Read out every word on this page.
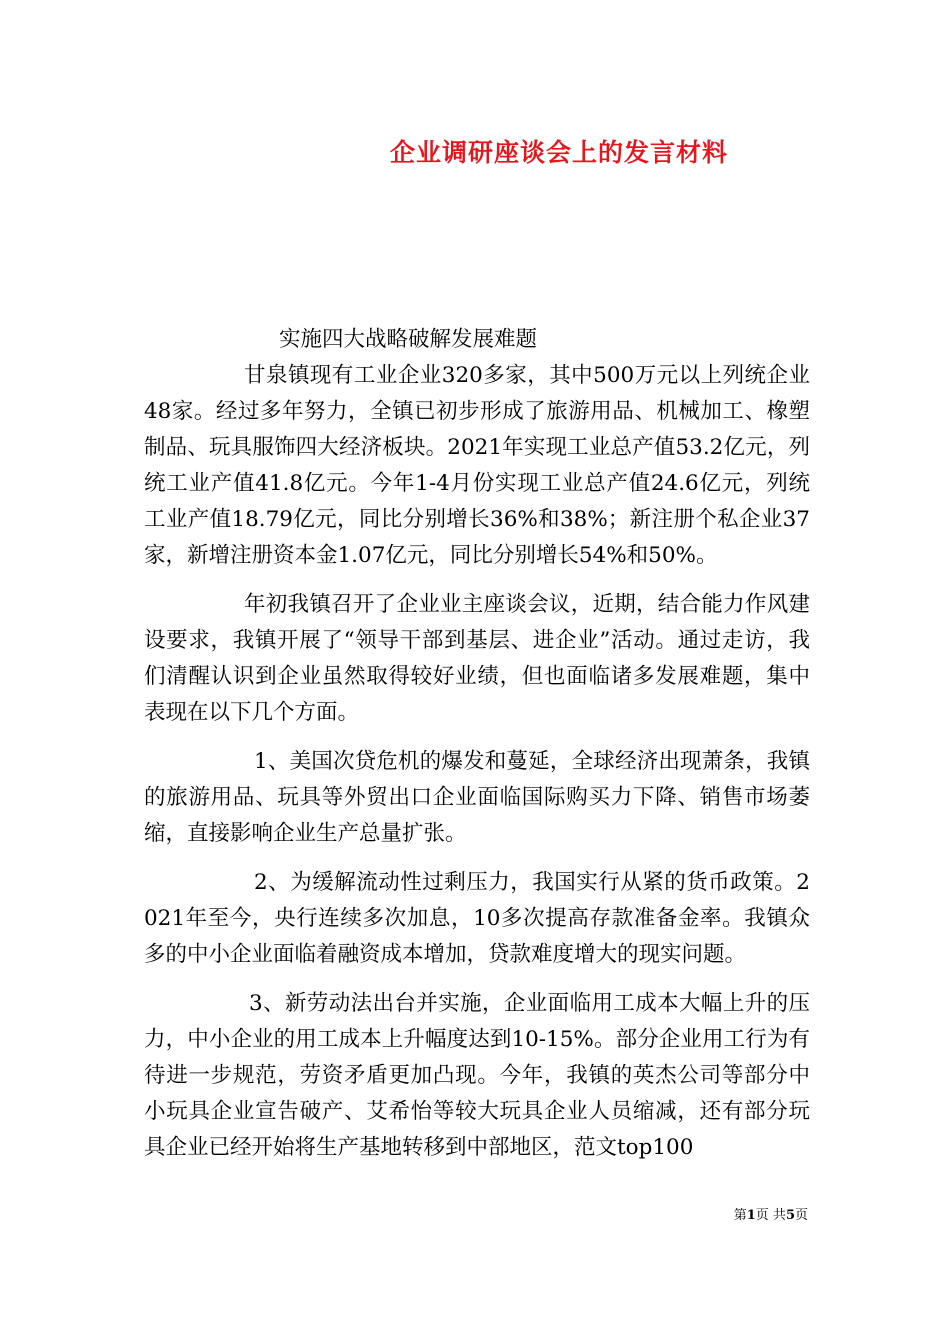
企业调研座谈会上的发言材料

实施四大战略破解发展难题

甘泉镇现有工业企业320多家，其中500万元以上列统企业48家。经过多年努力，全镇已初步形成了旅游用品、机械加工、橡塑制品、玩具服饰四大经济板块。2021年实现工业总产值53.2亿元，列统工业产值41.8亿元。今年1-4月份实现工业总产值24.6亿元，列统工业产值18.79亿元，同比分别增长36%和38%；新注册个私企业37家，新增注册资本金1.07亿元，同比分别增长54%和50%。

年初我镇召开了企业业主座谈会议，近期，结合能力作风建设要求，我镇开展了“领导干部到基层、进企业”活动。通过走访，我们清醒认识到企业虽然取得较好业绩，但也面临诸多发展难题，集中表现在以下几个方面。

1、美国次贷危机的爆发和蔓延，全球经济出现萧条，我镇的旅游用品、玩具等外贸出口企业面临国际购买力下降、销售市场萎缩，直接影响企业生产总量扩张。

2、为缓解流动性过剩压力，我国实行从紧的货币政策。2021年至今，央行连续多次加息，10多次提高存款准备金率。我镇众多的中小企业面临着融资成本增加，贷款难度增大的现实问题。

3、新劳动法出台并实施，企业面临用工成本大幅上升的压力，中小企业的用工成本上升幅度达到10-15%。部分企业用工行为有待进一步规范，劳资矛盾更加凸现。今年，我镇的英杰公司等部分中小玩具企业宣告破产、艾希怡等较大玩具企业人员缩减，还有部分玩具企业已经开始将生产基地转移到中部地区，范文top100

第1页 共5页
